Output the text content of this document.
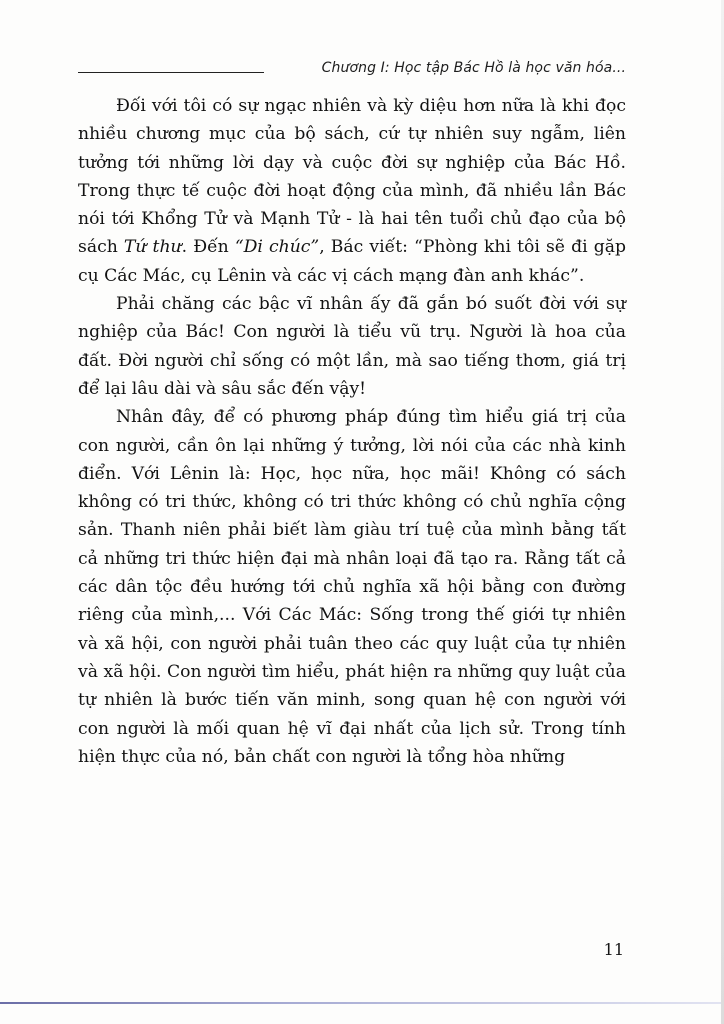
Chương I: Học tập Bác Hồ là học văn hóa...

Đối với tôi có sự ngạc nhiên và kỳ diệu hơn nữa là khi đọc nhiều chương mục của bộ sách, cứ tự nhiên suy ngẫm, liên tưởng tới những lời dạy và cuộc đời sự nghiệp của Bác Hồ. Trong thực tế cuộc đời hoạt động của mình, đã nhiều lần Bác nói tới Khổng Tử và Mạnh Tử - là hai tên tuổi chủ đạo của bộ sách Tứ thư. Đến “Di chúc”, Bác viết: “Phòng khi tôi sẽ đi gặp cụ Các Mác, cụ Lênin và các vị cách mạng đàn anh khác”.

Phải chăng các bậc vĩ nhân ấy đã gắn bó suốt đời với sự nghiệp của Bác! Con người là tiểu vũ trụ. Người là hoa của đất. Đời người chỉ sống có một lần, mà sao tiếng thơm, giá trị để lại lâu dài và sâu sắc đến vậy!

Nhân đây, để có phương pháp đúng tìm hiểu giá trị của con người, cần ôn lại những ý tưởng, lời nói của các nhà kinh điển. Với Lênin là: Học, học nữa, học mãi! Không có sách không có tri thức, không có tri thức không có chủ nghĩa cộng sản. Thanh niên phải biết làm giàu trí tuệ của mình bằng tất cả những tri thức hiện đại mà nhân loại đã tạo ra. Rằng tất cả các dân tộc đều hướng tới chủ nghĩa xã hội bằng con đường riêng của mình,... Với Các Mác: Sống trong thế giới tự nhiên và xã hội, con người phải tuân theo các quy luật của tự nhiên và xã hội. Con người tìm hiểu, phát hiện ra những quy luật của tự nhiên là bước tiến văn minh, song quan hệ con người với con người là mối quan hệ vĩ đại nhất của lịch sử. Trong tính hiện thực của nó, bản chất con người là tổng hòa những

11
